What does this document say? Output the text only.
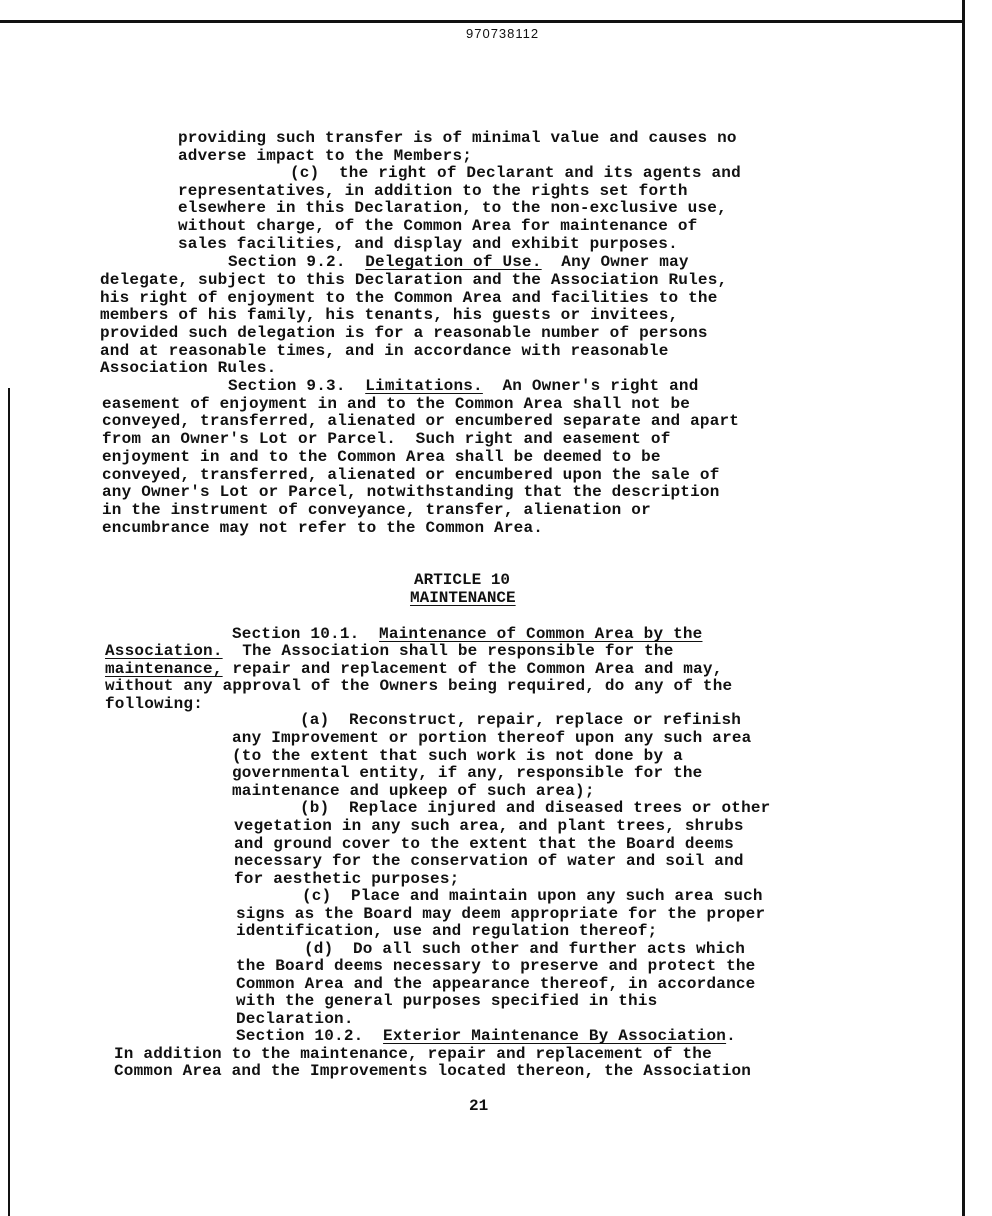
970738112
providing such transfer is of minimal value and causes no
adverse impact to the Members;
(c)  the right of Declarant and its agents and
representatives, in addition to the rights set forth
elsewhere in this Declaration, to the non-exclusive use,
without charge, of the Common Area for maintenance of
sales facilities, and display and exhibit purposes.
Section 9.2.  Delegation of Use.  Any Owner may
delegate, subject to this Declaration and the Association Rules,
his right of enjoyment to the Common Area and facilities to the
members of his family, his tenants, his guests or invitees,
provided such delegation is for a reasonable number of persons
and at reasonable times, and in accordance with reasonable
Association Rules.
Section 9.3.  Limitations.  An Owner's right and
easement of enjoyment in and to the Common Area shall not be
conveyed, transferred, alienated or encumbered separate and apart
from an Owner's Lot or Parcel.  Such right and easement of
enjoyment in and to the Common Area shall be deemed to be
conveyed, transferred, alienated or encumbered upon the sale of
any Owner's Lot or Parcel, notwithstanding that the description
in the instrument of conveyance, transfer, alienation or
encumbrance may not refer to the Common Area.
ARTICLE 10
MAINTENANCE
Section 10.1.  Maintenance of Common Area by the
Association.  The Association shall be responsible for the
maintenance, repair and replacement of the Common Area and may,
without any approval of the Owners being required, do any of the
following:
(a)  Reconstruct, repair, replace or refinish
any Improvement or portion thereof upon any such area
(to the extent that such work is not done by a
governmental entity, if any, responsible for the
maintenance and upkeep of such area);
(b)  Replace injured and diseased trees or other
vegetation in any such area, and plant trees, shrubs
and ground cover to the extent that the Board deems
necessary for the conservation of water and soil and
for aesthetic purposes;
(c)  Place and maintain upon any such area such
signs as the Board may deem appropriate for the proper
identification, use and regulation thereof;
(d)  Do all such other and further acts which
the Board deems necessary to preserve and protect the
Common Area and the appearance thereof, in accordance
with the general purposes specified in this
Declaration.
Section 10.2.  Exterior Maintenance By Association.
In addition to the maintenance, repair and replacement of the
Common Area and the Improvements located thereon, the Association
21
